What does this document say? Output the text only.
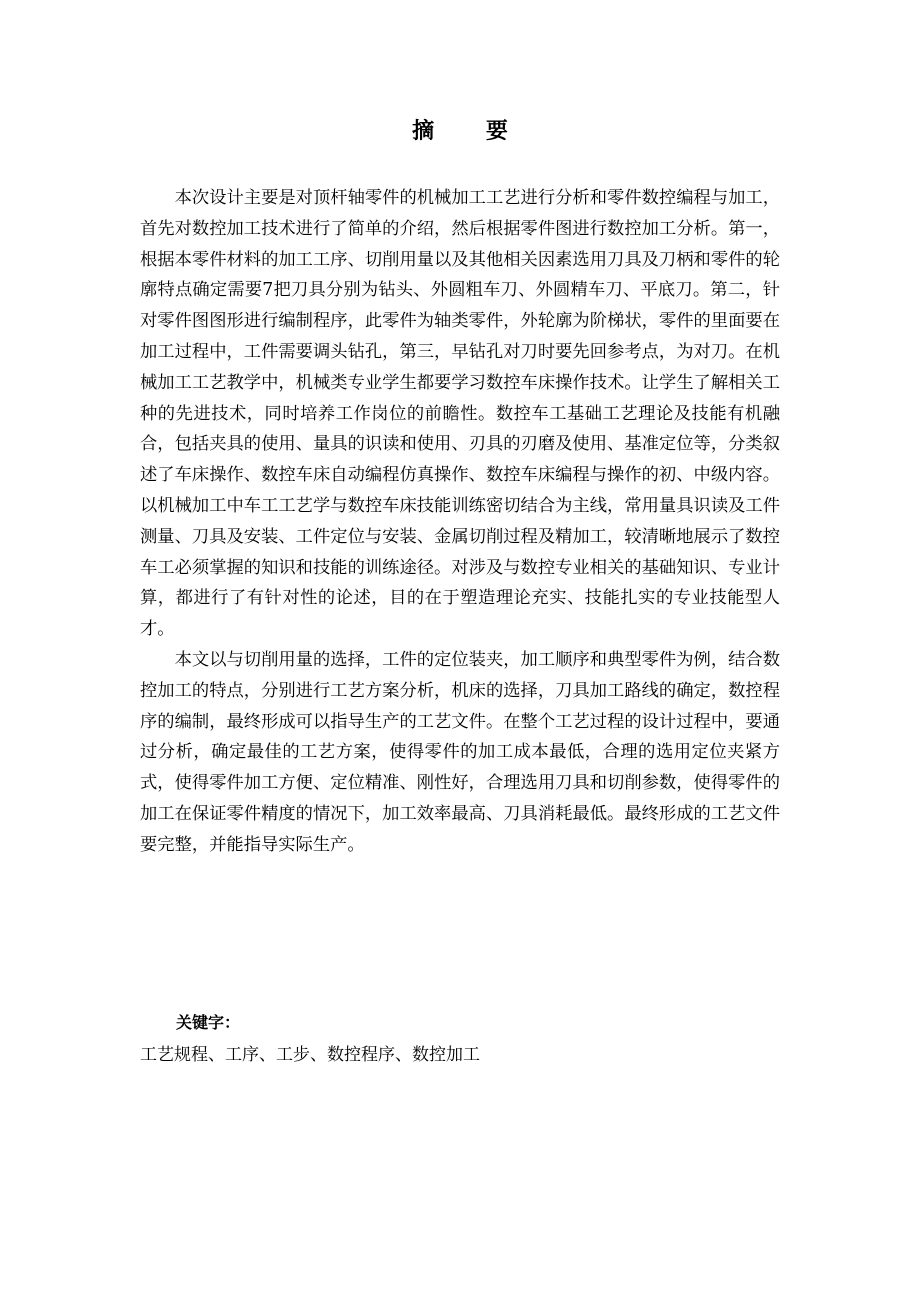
摘 要

本次设计主要是对顶杆轴零件的机械加工工艺进行分析和零件数控编程与加工，首先对数控加工技术进行了简单的介绍，然后根据零件图进行数控加工分析。第一，根据本零件材料的加工工序、切削用量以及其他相关因素选用刀具及刀柄和零件的轮廓特点确定需要7把刀具分别为钻头、外圆粗车刀、外圆精车刀、平底刀。第二，针对零件图图形进行编制程序，此零件为轴类零件，外轮廓为阶梯状，零件的里面要在加工过程中，工件需要调头钻孔，第三，早钻孔对刀时要先回参考点，为对刀。在机械加工工艺教学中，机械类专业学生都要学习数控车床操作技术。让学生了解相关工种的先进技术，同时培养工作岗位的前瞻性。数控车工基础工艺理论及技能有机融合，包括夹具的使用、量具的识读和使用、刃具的刃磨及使用、基准定位等，分类叙述了车床操作、数控车床自动编程仿真操作、数控车床编程与操作的初、中级内容。以机械加工中车工工艺学与数控车床技能训练密切结合为主线，常用量具识读及工件测量、刀具及安装、工件定位与安装、金属切削过程及精加工，较清晰地展示了数控车工必须掌握的知识和技能的训练途径。对涉及与数控专业相关的基础知识、专业计算，都进行了有针对性的论述，目的在于塑造理论充实、技能扎实的专业技能型人才。

本文以与切削用量的选择，工件的定位装夹，加工顺序和典型零件为例，结合数控加工的特点，分别进行工艺方案分析，机床的选择，刀具加工路线的确定，数控程序的编制，最终形成可以指导生产的工艺文件。在整个工艺过程的设计过程中，要通过分析，确定最佳的工艺方案，使得零件的加工成本最低，合理的选用定位夹紧方式，使得零件加工方便、定位精准、刚性好，合理选用刀具和切削参数，使得零件的加工在保证零件精度的情况下，加工效率最高、刀具消耗最低。最终形成的工艺文件要完整，并能指导实际生产。

关键字：
工艺规程、工序、工步、数控程序、数控加工
